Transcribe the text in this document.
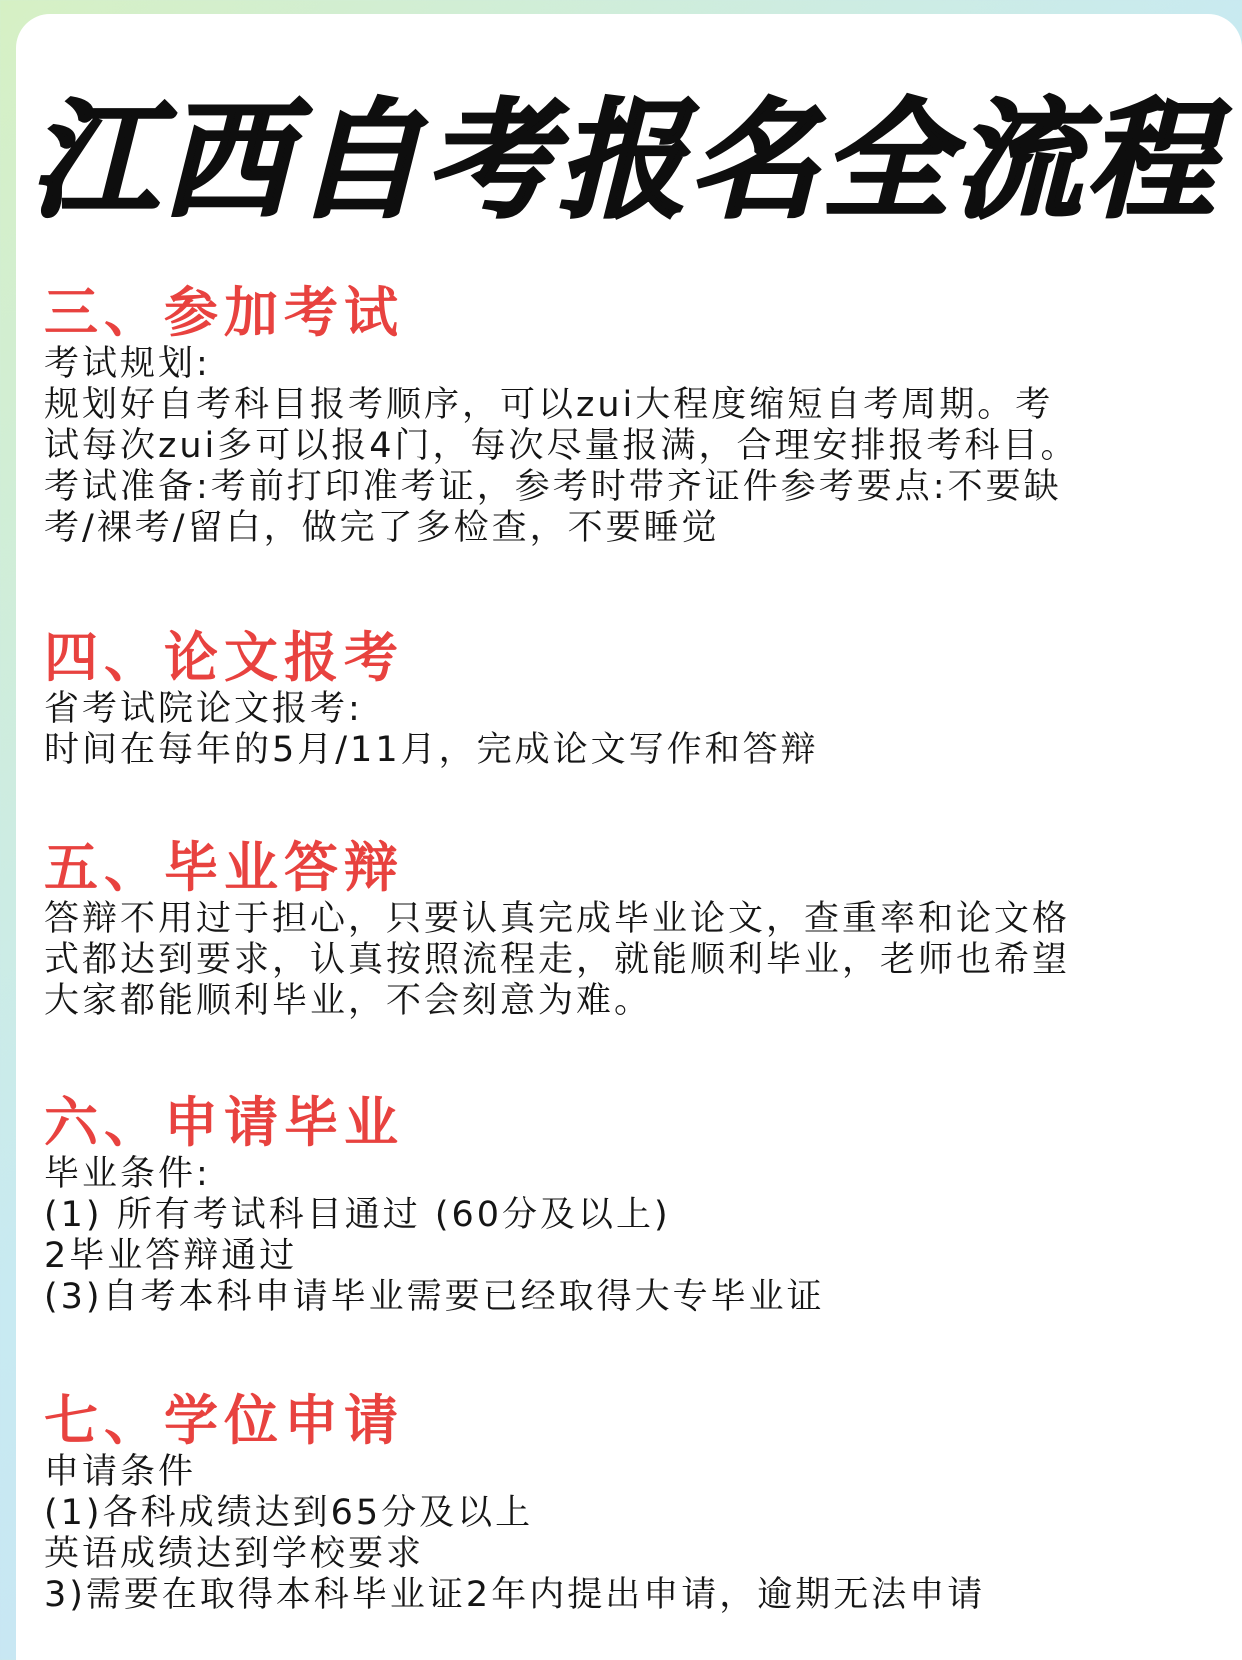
江西自考报名全流程
三、参加考试

考试规划:

规划好自考科目报考顺序，可以zui大程度缩短自考周期。考

试每次zui多可以报4门，每次尽量报满，合理安排报考科目。

考试准备:考前打印准考证，参考时带齐证件参考要点:不要缺

考/裸考/留白，做完了多检查，不要睡觉

四、论文报考

省考试院论文报考:

时间在每年的5月/11月，完成论文写作和答辩

五、毕业答辩

答辩不用过于担心，只要认真完成毕业论文，查重率和论文格

式都达到要求，认真按照流程走，就能顺利毕业，老师也希望

大家都能顺利毕业，不会刻意为难。

六、申请毕业

毕业条件:

(1) 所有考试科目通过 (60分及以上)

2毕业答辩通过

(3)自考本科申请毕业需要已经取得大专毕业证

七、学位申请

申请条件

(1)各科成绩达到65分及以上

英语成绩达到学校要求

3)需要在取得本科毕业证2年内提出申请，逾期无法申请
